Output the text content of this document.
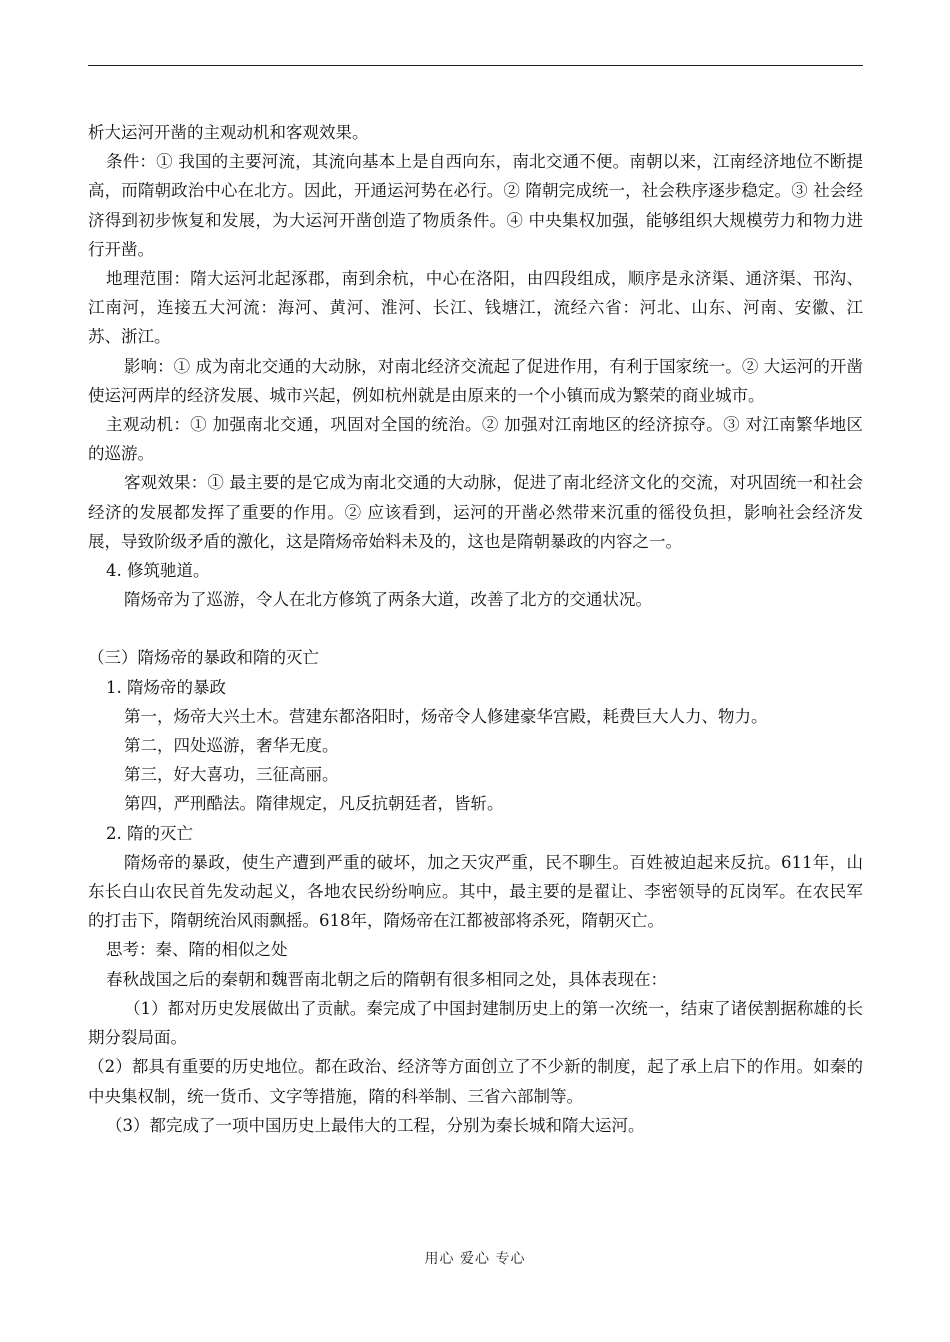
析大运河开凿的主观动机和客观效果。

条件：① 我国的主要河流，其流向基本上是自西向东，南北交通不便。南朝以来，江南经济地位不断提高，而隋朝政治中心在北方。因此，开通运河势在必行。② 隋朝完成统一，社会秩序逐步稳定。③ 社会经济得到初步恢复和发展，为大运河开凿创造了物质条件。④ 中央集权加强，能够组织大规模劳力和物力进行开凿。

地理范围：隋大运河北起涿郡，南到余杭，中心在洛阳，由四段组成，顺序是永济渠、通济渠、邗沟、江南河，连接五大河流：海河、黄河、淮河、长江、钱塘江，流经六省：河北、山东、河南、安徽、江苏、浙江。

影响：① 成为南北交通的大动脉，对南北经济交流起了促进作用，有利于国家统一。② 大运河的开凿使运河两岸的经济发展、城市兴起，例如杭州就是由原来的一个小镇而成为繁荣的商业城市。

主观动机：① 加强南北交通，巩固对全国的统治。② 加强对江南地区的经济掠夺。③ 对江南繁华地区的巡游。

客观效果：① 最主要的是它成为南北交通的大动脉，促进了南北经济文化的交流，对巩固统一和社会经济的发展都发挥了重要的作用。② 应该看到，运河的开凿必然带来沉重的徭役负担，影响社会经济发展，导致阶级矛盾的激化，这是隋炀帝始料未及的，这也是隋朝暴政的内容之一。

4. 修筑驰道。

隋炀帝为了巡游，令人在北方修筑了两条大道，改善了北方的交通状况。

（三）隋炀帝的暴政和隋的灭亡

1. 隋炀帝的暴政

第一，炀帝大兴土木。营建东都洛阳时，炀帝令人修建豪华宫殿，耗费巨大人力、物力。

第二，四处巡游，奢华无度。

第三，好大喜功，三征高丽。

第四，严刑酷法。隋律规定，凡反抗朝廷者，皆斩。

2. 隋的灭亡

隋炀帝的暴政，使生产遭到严重的破坏，加之天灾严重，民不聊生。百姓被迫起来反抗。611年，山东长白山农民首先发动起义，各地农民纷纷响应。其中，最主要的是翟让、李密领导的瓦岗军。在农民军的打击下，隋朝统治风雨飘摇。618年，隋炀帝在江都被部将杀死，隋朝灭亡。

思考：秦、隋的相似之处

春秋战国之后的秦朝和魏晋南北朝之后的隋朝有很多相同之处，具体表现在：

（1）都对历史发展做出了贡献。秦完成了中国封建制历史上的第一次统一，结束了诸侯割据称雄的长期分裂局面。

（2）都具有重要的历史地位。都在政治、经济等方面创立了不少新的制度，起了承上启下的作用。如秦的中央集权制，统一货币、文字等措施，隋的科举制、三省六部制等。

（3）都完成了一项中国历史上最伟大的工程，分别为秦长城和隋大运河。

用心 爱心 专心
